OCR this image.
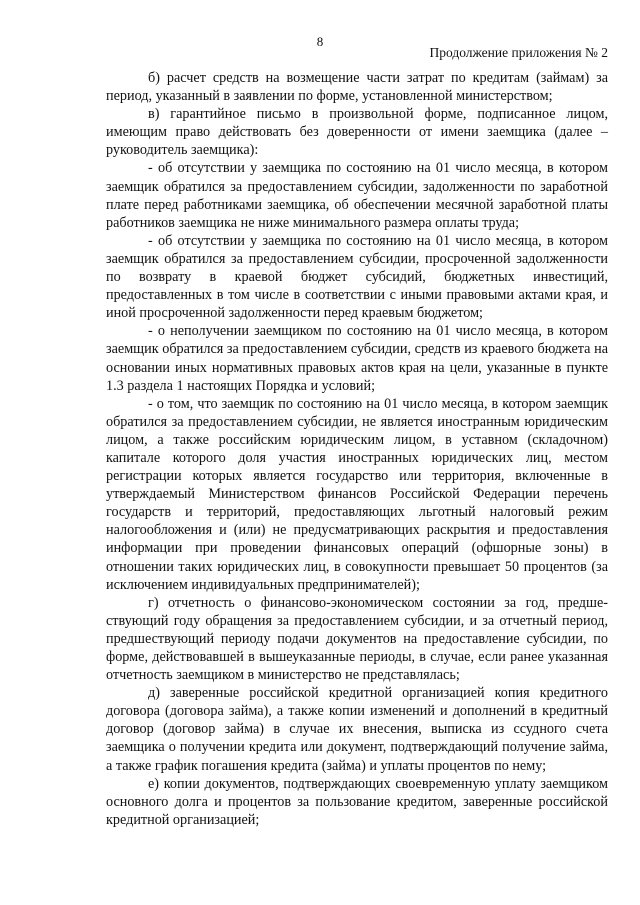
8
Продолжение приложения № 2

б) расчет средств на возмещение части затрат по кредитам (займам) за период, указанный в заявлении по форме, установленной министерством;

в) гарантийное письмо в произвольной форме, подписанное лицом, имеющим право действовать без доверенности от имени заемщика (далее – руководитель заемщика):

- об отсутствии у заемщика по состоянию на 01 число месяца, в котором заемщик обратился за предоставлением субсидии, задолженности по заработной плате перед работниками заемщика, об обеспечении месячной заработной платы работников заемщика не ниже минимального размера оплаты труда;

- об отсутствии у заемщика по состоянию на 01 число месяца, в котором заемщик обратился за предоставлением субсидии, просроченной задолженности по возврату в краевой бюджет субсидий, бюджетных инвестиций, предоставленных в том числе в соответствии с иными правовыми актами края, и иной просроченной задолженности перед краевым бюджетом;

- о неполучении заемщиком по состоянию на 01 число месяца, в котором заемщик обратился за предоставлением субсидии, средств из краевого бюджета на основании иных нормативных правовых актов края на цели, указанные в пункте 1.3 раздела 1 настоящих Порядка и условий;

- о том, что заемщик по состоянию на 01 число месяца, в котором заемщик обратился за предоставлением субсидии, не является иностранным юридическим лицом, а также российским юридическим лицом, в уставном (складочном) капитале которого доля участия иностранных юридических лиц, местом регистрации которых является государство или территория, включенные в утверждаемый Министерством финансов Российской Федерации перечень государств и территорий, предоставляющих льготный налоговый режим налогообложения и (или) не предусматривающих раскрытия и предоставления информации при проведении финансовых операций (офшорные зоны) в отношении таких юридических лиц, в совокупности превышает 50 процентов (за исключением индивидуальных предпринимателей);

г) отчетность о финансово-экономическом состоянии за год, предшествующий году обращения за предоставлением субсидии, и за отчетный период, предшествующий периоду подачи документов на предоставление субсидии, по форме, действовавшей в вышеуказанные периоды, в случае, если ранее указанная отчетность заемщиком в министерство не представлялась;

д) заверенные российской кредитной организацией копия кредитного договора (договора займа), а также копии изменений и дополнений в кредитный договор (договор займа) в случае их внесения, выписка из ссудного счета заемщика о получении кредита или документ, подтверждающий получение займа, а также график погашения кредита (займа) и уплаты процентов по нему;

е) копии документов, подтверждающих своевременную уплату заемщиком основного долга и процентов за пользование кредитом, заверенные российской кредитной организацией;
